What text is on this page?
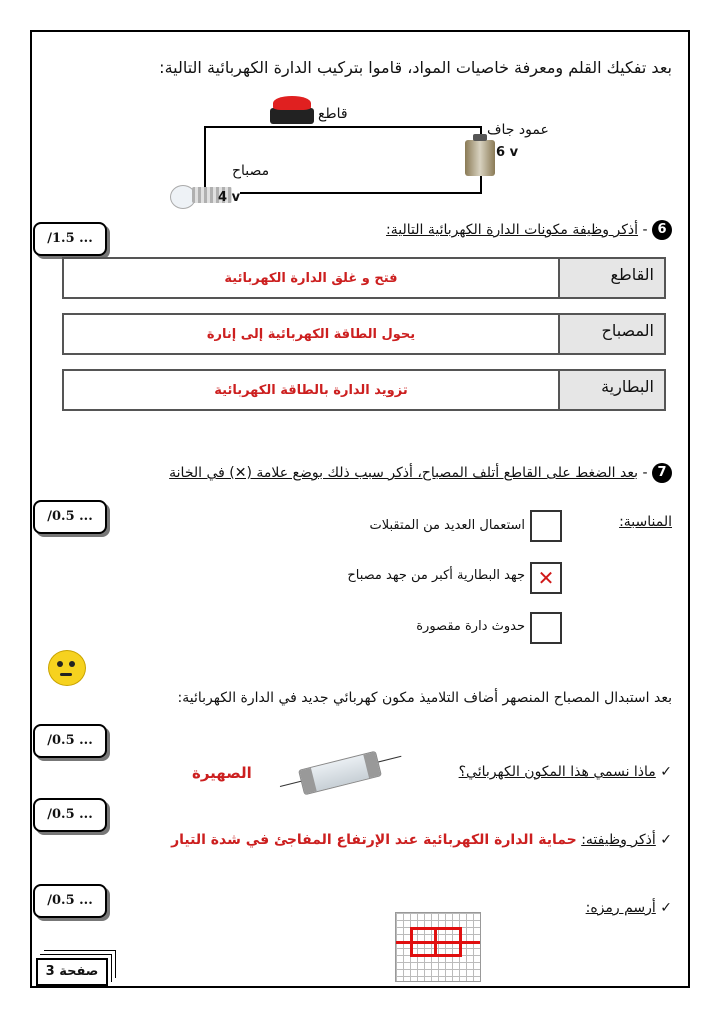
بعد تفكيك القلم ومعرفة خاصيات المواد، قاموا بتركيب الدارة الكهربائية التالية:
قاطع
عمود جاف
6 v
مصباح
4 v
6 - أذكر وظيفة مكونات الدارة الكهربائية التالية:
/1.5 ...
فتح و غلق الدارة الكهربائية	القاطع
يحول الطاقة الكهربائية إلى إنارة	المصباح
تزويد الدارة بالطاقة الكهربائية	البطارية
7 - بعد الضغط على القاطع أتلف المصباح، أذكر سبب ذلك بوضع علامة (✕) في الخانة
المناسبة:
/0.5 ...
استعمال العديد من المتقبلات
✕
جهد البطارية أكبر من جهد مصباح
حدوث دارة مقصورة
بعد استبدال المصباح المنصهر أضاف التلاميذ مكون كهربائي جديد في الدارة الكهربائية:
/0.5 ...
✓ ماذا نسمي هذا المكون الكهربائي؟
الصهيرة
/0.5 ...
✓ أذكر وظيفته: حماية الدارة الكهربائية عند الإرتفاع المفاجئ في شدة التيار
/0.5 ...	✓ أرسم رمزه:
صفحة 3
